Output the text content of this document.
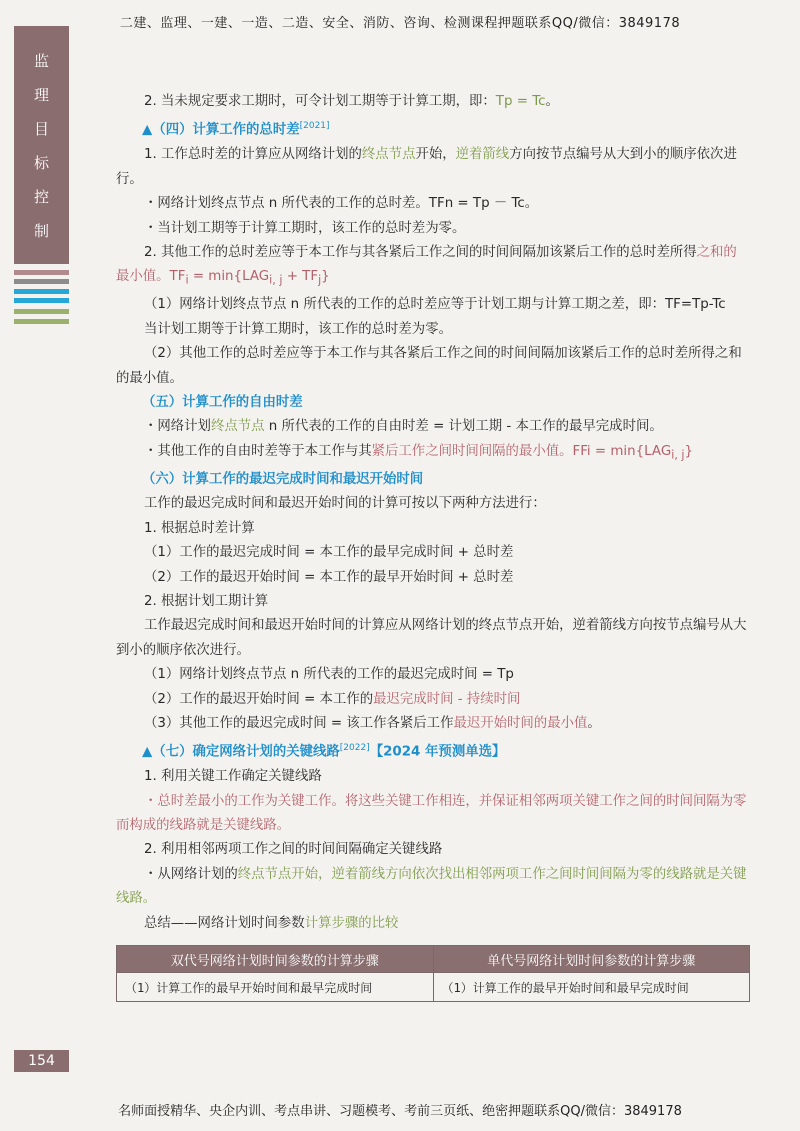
二建、监理、一建、一造、二造、安全、消防、咨询、检测课程押题联系QQ/微信：3849178
监
理
目
标
控
制

2. 当未规定要求工期时，可令计划工期等于计算工期，即：Tp = Tc。

▲（四）计算工作的总时差[2021]

1. 工作总时差的计算应从网络计划的终点节点开始，逆着箭线方向按节点编号从大到小的顺序依次进行。

・网络计划终点节点 n 所代表的工作的总时差。TFn = Tp － Tc。

・当计划工期等于计算工期时，该工作的总时差为零。

2. 其他工作的总时差应等于本工作与其各紧后工作之间的时间间隔加该紧后工作的总时差所得之和的最小值。$TF_i = \min\{LAG_{i, j} + TF_j\}$

（1）网络计划终点节点 n 所代表的工作的总时差应等于计划工期与计算工期之差，即：TF=Tp-Tc

当计划工期等于计算工期时，该工作的总时差为零。

（2）其他工作的总时差应等于本工作与其各紧后工作之间的时间间隔加该紧后工作的总时差所得之和的最小值。

（五）计算工作的自由时差

・网络计划终点节点 n 所代表的工作的自由时差 = 计划工期 - 本工作的最早完成时间。

・其他工作的自由时差等于本工作与其紧后工作之间时间间隔的最小值。FFi = $\min\{LAG_{i, j}\}$

（六）计算工作的最迟完成时间和最迟开始时间

工作的最迟完成时间和最迟开始时间的计算可按以下两种方法进行：

1. 根据总时差计算

（1）工作的最迟完成时间 = 本工作的最早完成时间 + 总时差

（2）工作的最迟开始时间 = 本工作的最早开始时间 + 总时差

2. 根据计划工期计算

工作最迟完成时间和最迟开始时间的计算应从网络计划的终点节点开始，逆着箭线方向按节点编号从大到小的顺序依次进行。

（1）网络计划终点节点 n 所代表的工作的最迟完成时间 = Tp

（2）工作的最迟开始时间 = 本工作的最迟完成时间 - 持续时间

（3）其他工作的最迟完成时间 = 该工作各紧后工作最迟开始时间的最小值。

▲（七）确定网络计划的关键线路[2022]【2024 年预测单选】

1. 利用关键工作确定关键线路

・总时差最小的工作为关键工作。将这些关键工作相连，并保证相邻两项关键工作之间的时间间隔为零而构成的线路就是关键线路。

2. 利用相邻两项工作之间的时间间隔确定关键线路

・从网络计划的终点节点开始，逆着箭线方向依次找出相邻两项工作之间时间间隔为零的线路就是关键线路。

总结——网络计划时间参数计算步骤的比较

双代号网络计划时间参数的计算步骤	单代号网络计划时间参数的计算步骤
（1）计算工作的最早开始时间和最早完成时间	（1）计算工作的最早开始时间和最早完成时间
154
名师面授精华、央企内训、考点串讲、习题模考、考前三页纸、绝密押题联系QQ/微信：3849178
